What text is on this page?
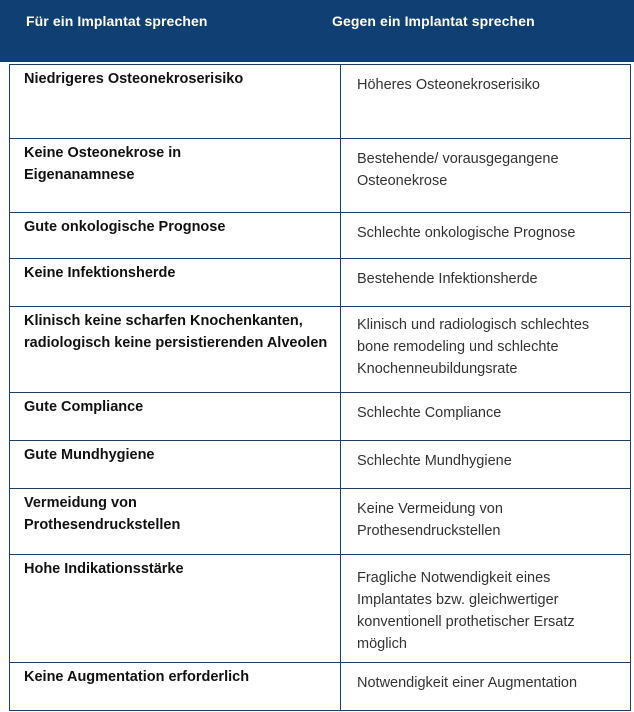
Für ein Implantat sprechen	Gegen ein Implantat sprechen
Niedrigeres Osteonekroserisiko	Höheres Osteonekroserisiko
Keine Osteonekrose in Eigenanamnese	Bestehende/ vorausgegangene Osteonekrose
Gute onkologische Prognose	Schlechte onkologische Prognose
Keine Infektionsherde	Bestehende Infektionsherde
Klinisch keine scharfen Knochenkanten, radiologisch keine persistierenden Alveolen	Klinisch und radiologisch schlechtes bone remodeling und schlechte Knochenneubildungsrate
Gute Compliance	Schlechte Compliance
Gute Mundhygiene	Schlechte Mundhygiene
Vermeidung von Prothesendruckstellen	Keine Vermeidung von Prothesendruckstellen
Hohe Indikationsstärke	Fragliche Notwendigkeit eines Implantates bzw. gleichwertiger konventionell prothetischer Ersatz möglich
Keine Augmentation erforderlich	Notwendigkeit einer Augmentation
